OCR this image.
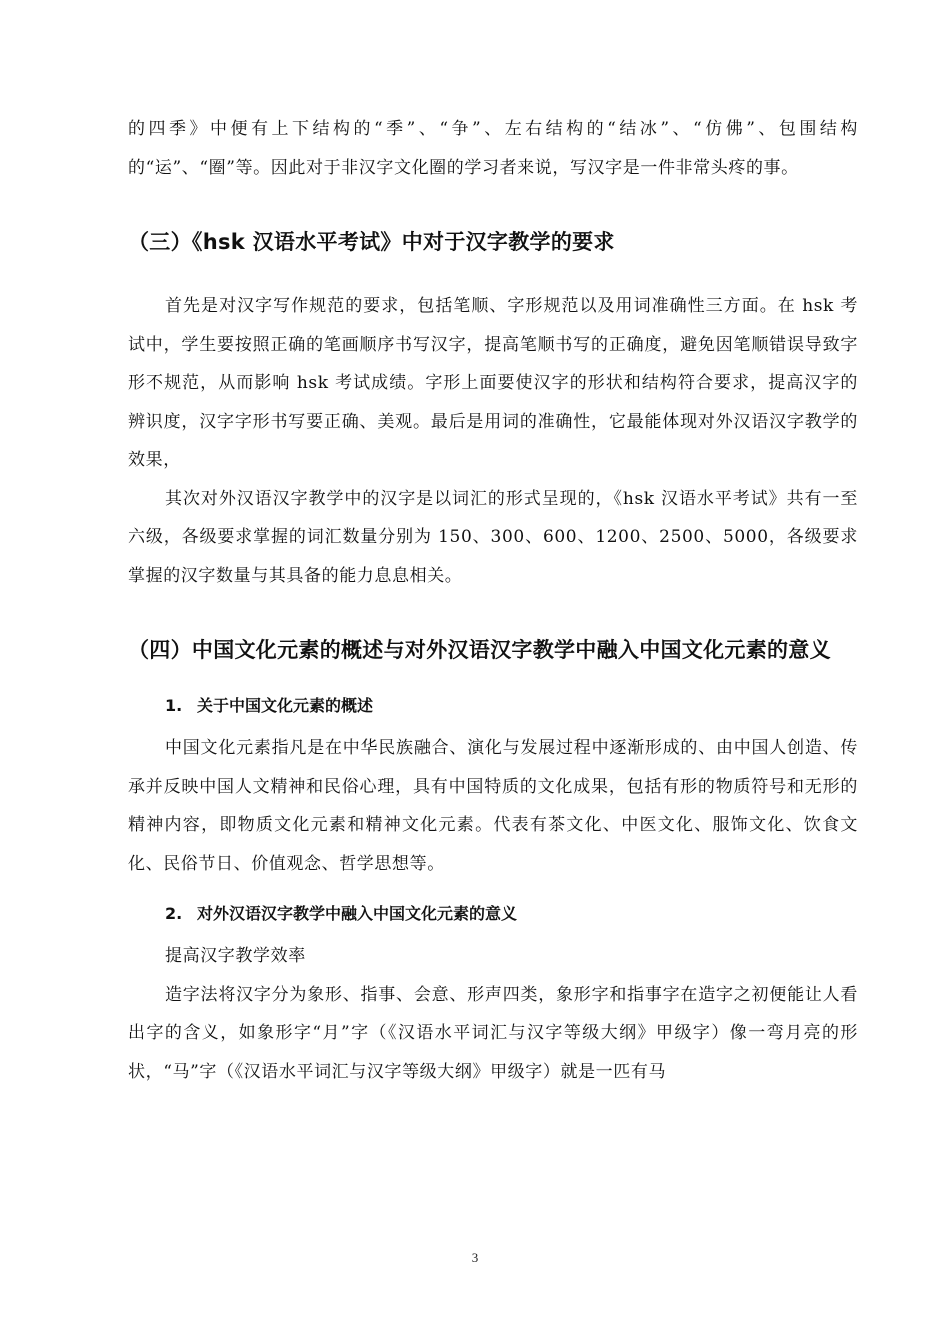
的四季》中便有上下结构的“季”、“争”、左右结构的“结冰”、“仿佛”、包围结构的“运”、“圈”等。因此对于非汉字文化圈的学习者来说，写汉字是一件非常头疼的事。

（三）《hsk 汉语水平考试》中对于汉字教学的要求

首先是对汉字写作规范的要求，包括笔顺、字形规范以及用词准确性三方面。在 hsk 考试中，学生要按照正确的笔画顺序书写汉字，提高笔顺书写的正确度，避免因笔顺错误导致字形不规范，从而影响 hsk 考试成绩。字形上面要使汉字的形状和结构符合要求，提高汉字的辨识度，汉字字形书写要正确、美观。最后是用词的准确性，它最能体现对外汉语汉字教学的效果，

其次对外汉语汉字教学中的汉字是以词汇的形式呈现的，《hsk 汉语水平考试》共有一至六级，各级要求掌握的词汇数量分别为 150、300、600、1200、2500、5000，各级要求掌握的汉字数量与其具备的能力息息相关。

（四）中国文化元素的概述与对外汉语汉字教学中融入中国文化元素的意义
1. 关于中国文化元素的概述

中国文化元素指凡是在中华民族融合、演化与发展过程中逐渐形成的、由中国人创造、传承并反映中国人文精神和民俗心理，具有中国特质的文化成果，包括有形的物质符号和无形的精神内容，即物质文化元素和精神文化元素。代表有茶文化、中医文化、服饰文化、饮食文化、民俗节日、价值观念、哲学思想等。

2. 对外汉语汉字教学中融入中国文化元素的意义

提高汉字教学效率

造字法将汉字分为象形、指事、会意、形声四类，象形字和指事字在造字之初便能让人看出字的含义，如象形字“月”字（《汉语水平词汇与汉字等级大纲》甲级字）像一弯月亮的形状，“马”字（《汉语水平词汇与汉字等级大纲》甲级字）就是一匹有马

3
